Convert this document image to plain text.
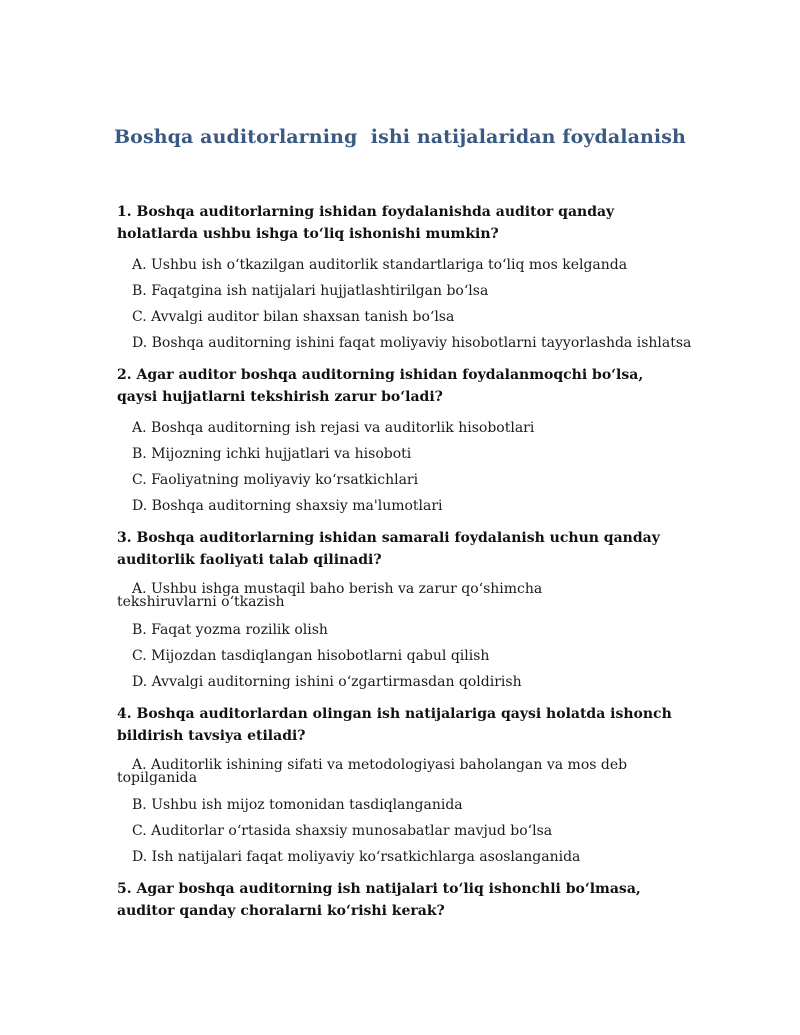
Boshqa auditorlarning  ishi natijalaridan foydalanish
1. Boshqa auditorlarning ishidan foydalanishda auditor qanday holatlarda ushbu ishga to‘liq ishonishi mumkin?
A. Ushbu ish o‘tkazilgan auditorlik standartlariga to‘liq mos kelganda
B. Faqatgina ish natijalari hujjatlashtirilgan bo‘lsa
C. Avvalgi auditor bilan shaxsan tanish bo‘lsa
D. Boshqa auditorning ishini faqat moliyaviy hisobotlarni tayyorlashda ishlatsa
2. Agar auditor boshqa auditorning ishidan foydalanmoqchi bo‘lsa, qaysi hujjatlarni tekshirish zarur bo‘ladi?
A. Boshqa auditorning ish rejasi va auditorlik hisobotlari
B. Mijozning ichki hujjatlari va hisoboti
C. Faoliyatning moliyaviy ko‘rsatkichlari
D. Boshqa auditorning shaxsiy ma'lumotlari
3. Boshqa auditorlarning ishidan samarali foydalanish uchun qanday auditorlik faoliyati talab qilinadi?
A. Ushbu ishga mustaqil baho berish va zarur qo‘shimcha tekshiruvlarni o‘tkazish
B. Faqat yozma rozilik olish
C. Mijozdan tasdiqlangan hisobotlarni qabul qilish
D. Avvalgi auditorning ishini o‘zgartirmasdan qoldirish
4. Boshqa auditorlardan olingan ish natijalariga qaysi holatda ishonch bildirish tavsiya etiladi?
A. Auditorlik ishining sifati va metodologiyasi baholangan va mos deb topilganida
B. Ushbu ish mijoz tomonidan tasdiqlanganida
C. Auditorlar o‘rtasida shaxsiy munosabatlar mavjud bo‘lsa
D. Ish natijalari faqat moliyaviy ko‘rsatkichlarga asoslanganida
5. Agar boshqa auditorning ish natijalari to‘liq ishonchli bo‘lmasa, auditor qanday choralarni ko‘rishi kerak?
